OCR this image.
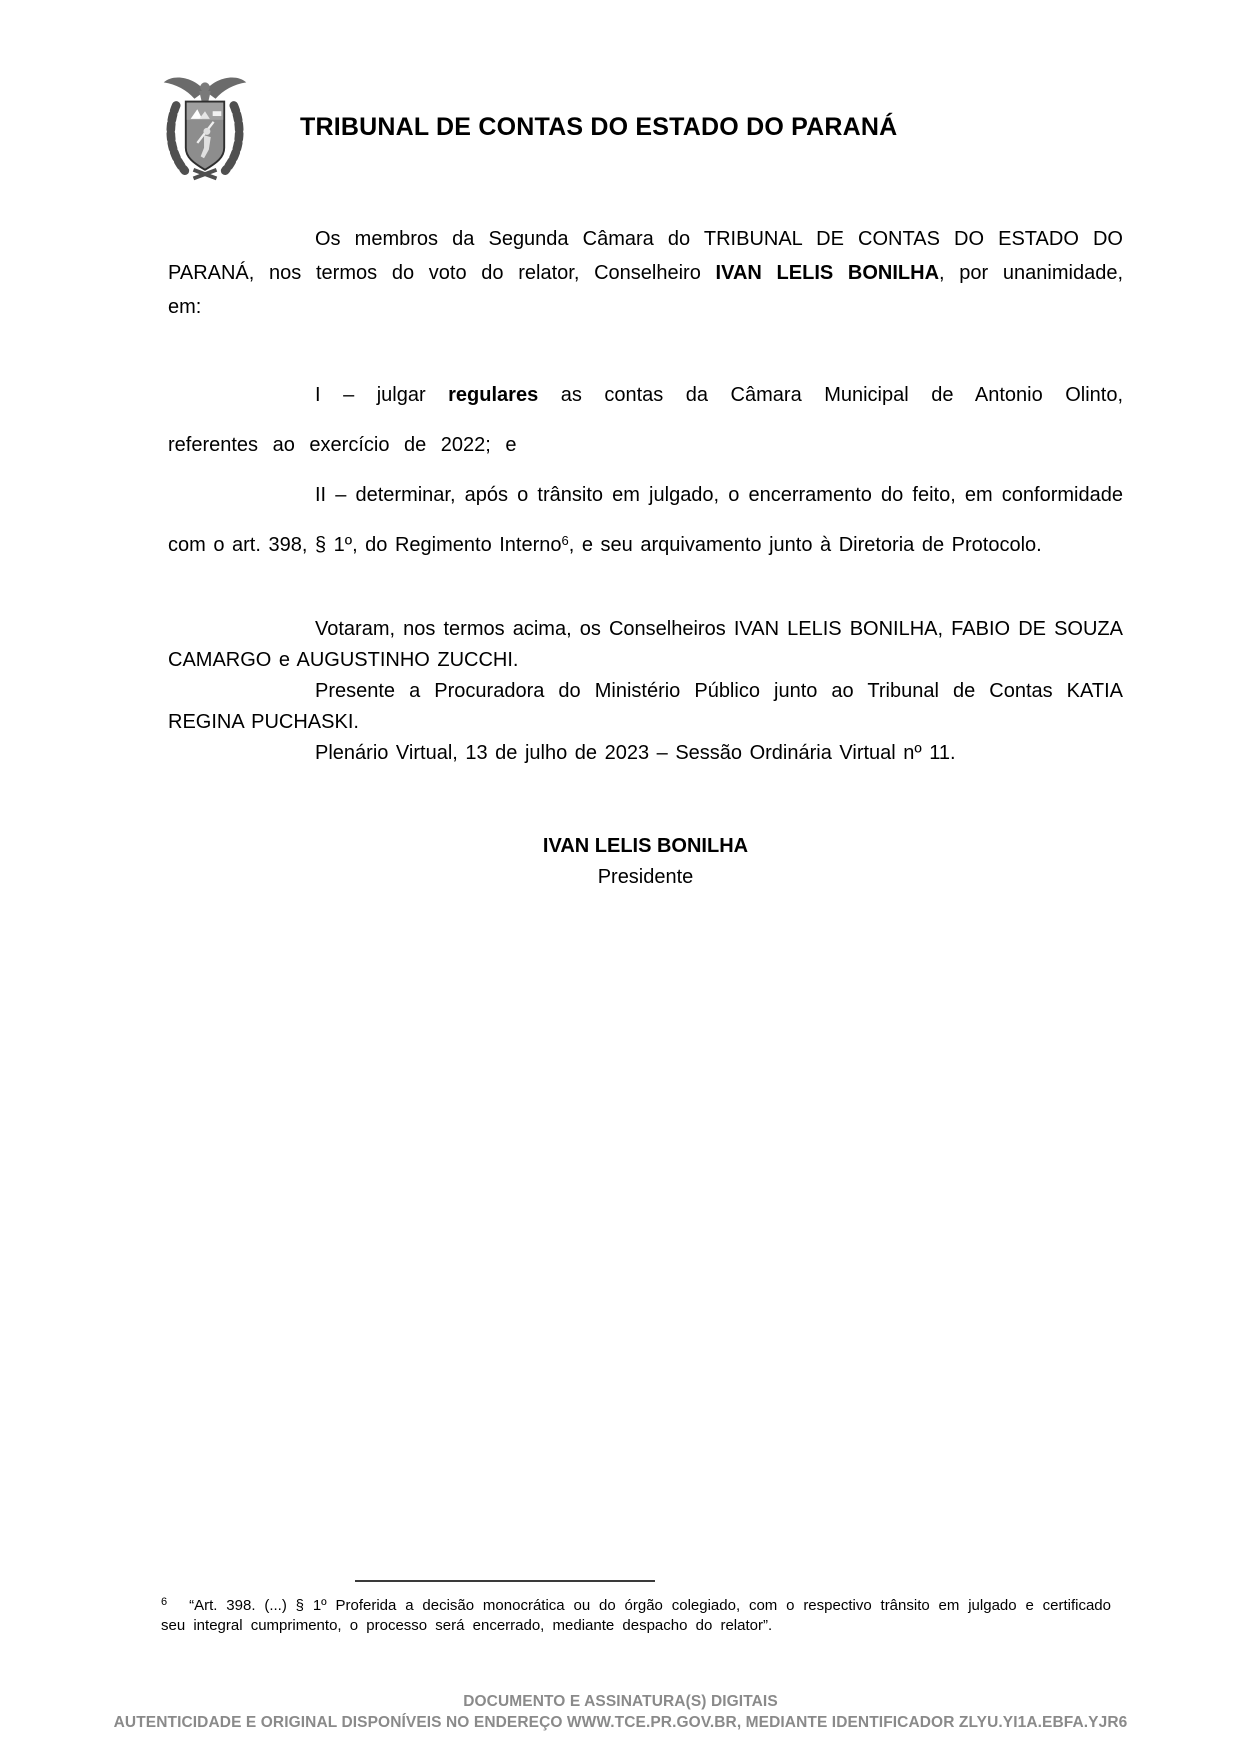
TRIBUNAL DE CONTAS DO ESTADO DO PARANÁ

Os membros da Segunda Câmara do TRIBUNAL DE CONTAS DO ESTADO DO PARANÁ, nos termos do voto do relator, Conselheiro IVAN LELIS BONILHA, por unanimidade, em:

I – julgar regulares as contas da Câmara Municipal de Antonio Olinto, referentes ao exercício de 2022; e

II – determinar, após o trânsito em julgado, o encerramento do feito, em conformidade com o art. 398, § 1º, do Regimento Interno$^6$, e seu arquivamento junto à Diretoria de Protocolo.

Votaram, nos termos acima, os Conselheiros IVAN LELIS BONILHA, FABIO DE SOUZA CAMARGO e AUGUSTINHO ZUCCHI.

Presente a Procuradora do Ministério Público junto ao Tribunal de Contas KATIA REGINA PUCHASKI.

Plenário Virtual, 13 de julho de 2023 – Sessão Ordinária Virtual nº 11.

IVAN LELIS BONILHA
Presidente
$^6$ “Art. 398. (...) § 1º Proferida a decisão monocrática ou do órgão colegiado, com o respectivo trânsito em julgado e certificado seu integral cumprimento, o processo será encerrado, mediante despacho do relator”.
DOCUMENTO E ASSINATURA(S) DIGITAIS
AUTENTICIDADE E ORIGINAL DISPONÍVEIS NO ENDEREÇO WWW.TCE.PR.GOV.BR, MEDIANTE IDENTIFICADOR ZLYU.YI1A.EBFA.YJR6
